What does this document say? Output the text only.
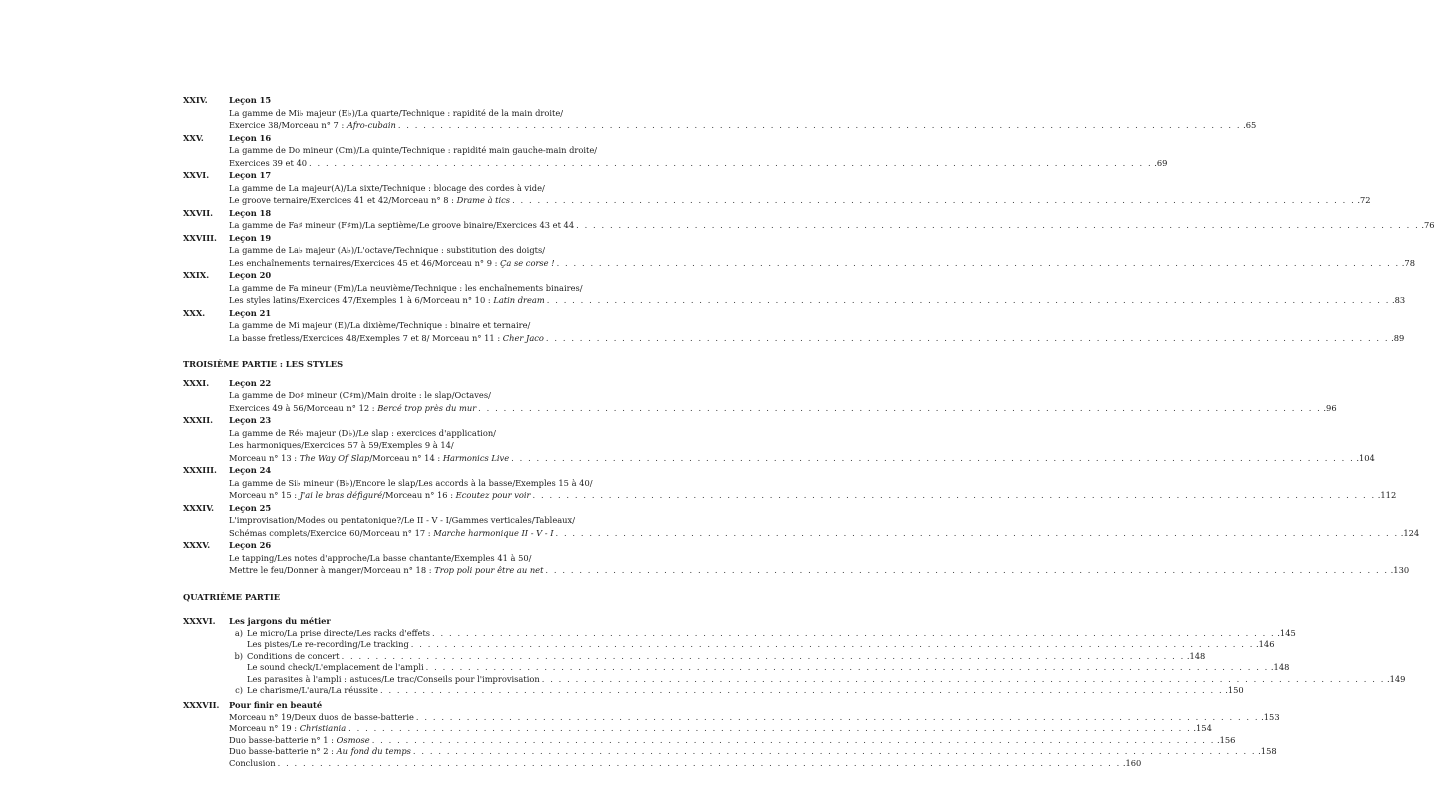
XXIV.	Leçon 15
La gamme de Mi♭ majeur (E♭)/La quarte/Technique : rapidité de la main droite/
Exercice 38/Morceau n° 7 : Afro-cubain . . . . . . . . . . . . . . . . . . . . . . . . . . . . . . . . . . . . . . . . . . . . . . . . . . . . . . . . . . . . . . . . . . . . . . . . . . . . . . . . . . . . . . . . . . . . . . . . . . . . .65
XXV.	Leçon 16
La gamme de Do mineur (Cm)/La quinte/Technique : rapidité main gauche-main droite/
Exercices 39 et 40 . . . . . . . . . . . . . . . . . . . . . . . . . . . . . . . . . . . . . . . . . . . . . . . . . . . . . . . . . . . . . . . . . . . . . . . . . . . . . . . . . . . . . . . . . . . . . . . . . . . . .69
XXVI.	Leçon 17
La gamme de La majeur(A)/La sixte/Technique : blocage des cordes à vide/
Le groove ternaire/Exercices 41 et 42/Morceau n° 8 : Drame à tics . . . . . . . . . . . . . . . . . . . . . . . . . . . . . . . . . . . . . . . . . . . . . . . . . . . . . . . . . . . . . . . . . . . . . . . . . . . . . . . . . . . . . . . . . . . . . . . . . . . . .72
XXVII.	Leçon 18
La gamme de Fa♯ mineur (F♯m)/La septième/Le groove binaire/Exercices 43 et 44 . . . . . . . . . . . . . . . . . . . . . . . . . . . . . . . . . . . . . . . . . . . . . . . . . . . . . . . . . . . . . . . . . . . . . . . . . . . . . . . . . . . . . . . . . . . . . . . . . . . . .76
XXVIII.	Leçon 19
La gamme de La♭ majeur (A♭)/L'octave/Technique : substitution des doigts/
Les enchaînements ternaires/Exercices 45 et 46/Morceau n° 9 : Ça se corse ! . . . . . . . . . . . . . . . . . . . . . . . . . . . . . . . . . . . . . . . . . . . . . . . . . . . . . . . . . . . . . . . . . . . . . . . . . . . . . . . . . . . . . . . . . . . . . . . . . . . . .78
XXIX.	Leçon 20
La gamme de Fa mineur (Fm)/La neuvième/Technique : les enchaînements binaires/
Les styles latins/Exercices 47/Exemples 1 à 6/Morceau n° 10 : Latin dream . . . . . . . . . . . . . . . . . . . . . . . . . . . . . . . . . . . . . . . . . . . . . . . . . . . . . . . . . . . . . . . . . . . . . . . . . . . . . . . . . . . . . . . . . . . . . . . . . . . . .83
XXX.	Leçon 21
La gamme de Mi majeur (E)/La dixième/Technique : binaire et ternaire/
La basse fretless/Exercices 48/Exemples 7 et 8/ Morceau n° 11 : Cher Jaco . . . . . . . . . . . . . . . . . . . . . . . . . . . . . . . . . . . . . . . . . . . . . . . . . . . . . . . . . . . . . . . . . . . . . . . . . . . . . . . . . . . . . . . . . . . . . . . . . . . . .89
TROISIÈME PARTIE : LES STYLES
XXXI.	Leçon 22
La gamme de Do♯ mineur (C♯m)/Main droite : le slap/Octaves/
Exercices 49 à 56/Morceau n° 12 : Bercé trop près du mur . . . . . . . . . . . . . . . . . . . . . . . . . . . . . . . . . . . . . . . . . . . . . . . . . . . . . . . . . . . . . . . . . . . . . . . . . . . . . . . . . . . . . . . . . . . . . . . . . . . . .96
XXXII.	Leçon 23
La gamme de Ré♭ majeur (D♭)/Le slap : exercices d'application/
Les harmoniques/Exercices 57 à 59/Exemples 9 à 14/
Morceau n° 13 : The Way Of Slap/Morceau n° 14 : Harmonics Live . . . . . . . . . . . . . . . . . . . . . . . . . . . . . . . . . . . . . . . . . . . . . . . . . . . . . . . . . . . . . . . . . . . . . . . . . . . . . . . . . . . . . . . . . . . . . . . . . . . . .104
XXXIII.	Leçon 24
La gamme de Si♭ mineur (B♭)/Encore le slap/Les accords à la basse/Exemples 15 à 40/
Morceau n° 15 : J'ai le bras défiguré/Morceau n° 16 : Ecoutez pour voir . . . . . . . . . . . . . . . . . . . . . . . . . . . . . . . . . . . . . . . . . . . . . . . . . . . . . . . . . . . . . . . . . . . . . . . . . . . . . . . . . . . . . . . . . . . . . . . . . . . . .112
XXXIV.	Leçon 25
L'improvisation/Modes ou pentatonique?/Le II - V - I/Gammes verticales/Tableaux/
Schémas complets/Exercice 60/Morceau n° 17 : Marche harmonique II - V - I . . . . . . . . . . . . . . . . . . . . . . . . . . . . . . . . . . . . . . . . . . . . . . . . . . . . . . . . . . . . . . . . . . . . . . . . . . . . . . . . . . . . . . . . . . . . . . . . . . . . .124
XXXV.	Leçon 26
Le tapping/Les notes d'approche/La basse chantante/Exemples 41 à 50/
Mettre le feu/Donner à manger/Morceau n° 18 : Trop poli pour être au net . . . . . . . . . . . . . . . . . . . . . . . . . . . . . . . . . . . . . . . . . . . . . . . . . . . . . . . . . . . . . . . . . . . . . . . . . . . . . . . . . . . . . . . . . . . . . . . . . . . . .130
QUATRIÈME PARTIE
XXXVI.	Les jargons du métier
a) Le micro/La prise directe/Les racks d'effets . . . . . . . . . . . . . . . . . . . . . . . . . . . . . . . . . . . . . . . . . . . . . . . . . . . . . . . . . . . . . . . . . . . . . . . . . . . . . . . . . . . . . . . . . . . . . . . . . . . . .145
Les pistes/Le re-recording/Le tracking . . . . . . . . . . . . . . . . . . . . . . . . . . . . . . . . . . . . . . . . . . . . . . . . . . . . . . . . . . . . . . . . . . . . . . . . . . . . . . . . . . . . . . . . . . . . . . . . . . . . .146
b) Conditions de concert . . . . . . . . . . . . . . . . . . . . . . . . . . . . . . . . . . . . . . . . . . . . . . . . . . . . . . . . . . . . . . . . . . . . . . . . . . . . . . . . . . . . . . . . . . . . . . . . . . . . .148
Le sound check/L'emplacement de l'ampli . . . . . . . . . . . . . . . . . . . . . . . . . . . . . . . . . . . . . . . . . . . . . . . . . . . . . . . . . . . . . . . . . . . . . . . . . . . . . . . . . . . . . . . . . . . . . . . . . . . . .148
Les parasites à l'ampli : astuces/Le trac/Conseils pour l'improvisation . . . . . . . . . . . . . . . . . . . . . . . . . . . . . . . . . . . . . . . . . . . . . . . . . . . . . . . . . . . . . . . . . . . . . . . . . . . . . . . . . . . . . . . . . . . . . . . . . . . . .149
c) Le charisme/L'aura/La réussite . . . . . . . . . . . . . . . . . . . . . . . . . . . . . . . . . . . . . . . . . . . . . . . . . . . . . . . . . . . . . . . . . . . . . . . . . . . . . . . . . . . . . . . . . . . . . . . . . . . . .150
XXXVII.	Pour finir en beauté
Morceau n° 19/Deux duos de basse-batterie . . . . . . . . . . . . . . . . . . . . . . . . . . . . . . . . . . . . . . . . . . . . . . . . . . . . . . . . . . . . . . . . . . . . . . . . . . . . . . . . . . . . . . . . . . . . . . . . . . . . .153
Morceau n° 19 : Christiania . . . . . . . . . . . . . . . . . . . . . . . . . . . . . . . . . . . . . . . . . . . . . . . . . . . . . . . . . . . . . . . . . . . . . . . . . . . . . . . . . . . . . . . . . . . . . . . . . . . . .154
Duo basse-batterie n° 1 : Osmose . . . . . . . . . . . . . . . . . . . . . . . . . . . . . . . . . . . . . . . . . . . . . . . . . . . . . . . . . . . . . . . . . . . . . . . . . . . . . . . . . . . . . . . . . . . . . . . . . . . . .156
Duo basse-batterie n° 2 : Au fond du temps . . . . . . . . . . . . . . . . . . . . . . . . . . . . . . . . . . . . . . . . . . . . . . . . . . . . . . . . . . . . . . . . . . . . . . . . . . . . . . . . . . . . . . . . . . . . . . . . . . . . .158
Conclusion . . . . . . . . . . . . . . . . . . . . . . . . . . . . . . . . . . . . . . . . . . . . . . . . . . . . . . . . . . . . . . . . . . . . . . . . . . . . . . . . . . . . . . . . . . . . . . . . . . . . .160
